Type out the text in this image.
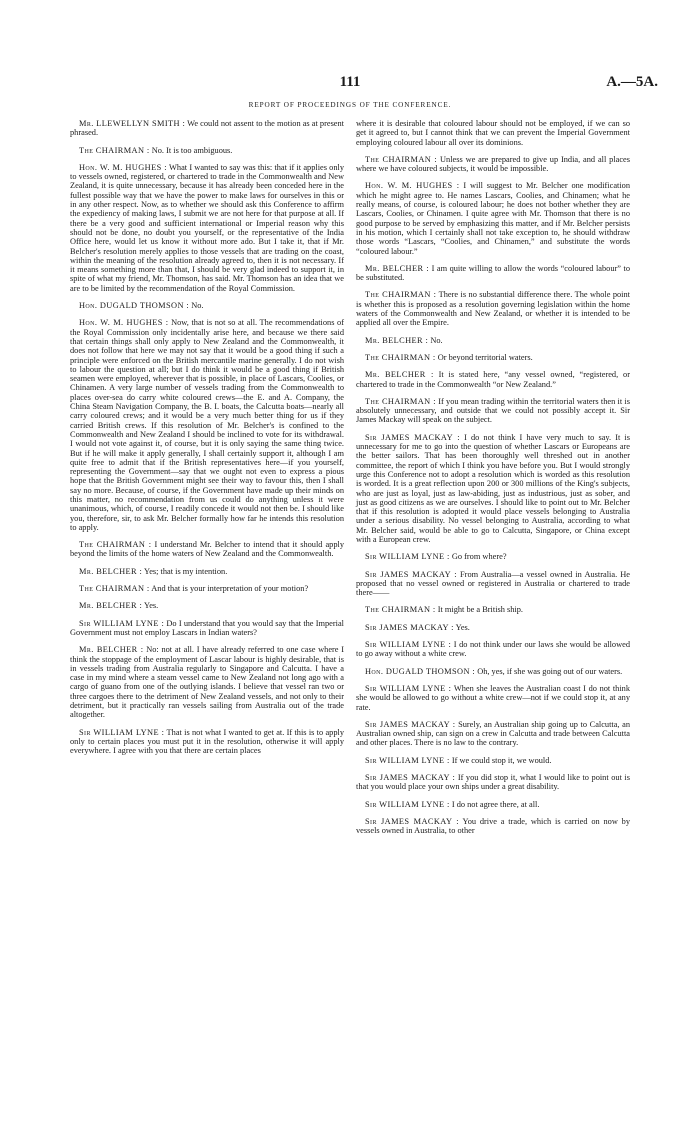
111	A.—5A.
REPORT OF PROCEEDINGS OF THE CONFERENCE.

Mr. LLEWELLYN SMITH : We could not assent to the motion as at present phrased.

The CHAIRMAN : No. It is too ambiguous.

Hon. W. M. HUGHES : What I wanted to say was this: that if it applies only to vessels owned, registered, or chartered to trade in the Commonwealth and New Zealand, it is quite unnecessary, because it has already been conceded here in the fullest possible way that we have the power to make laws for ourselves in this or in any other respect. Now, as to whether we should ask this Conference to affirm the expediency of making laws, I submit we are not here for that purpose at all. If there be a very good and sufficient international or Imperial reason why this should not be done, no doubt you yourself, or the representative of the India Office here, would let us know it without more ado. But I take it, that if Mr. Belcher's resolution merely applies to those vessels that are trading on the coast, within the meaning of the resolution already agreed to, then it is not necessary. If it means something more than that, I should be very glad indeed to support it, in spite of what my friend, Mr. Thomson, has said. Mr. Thomson has an idea that we are to be limited by the recommendation of the Royal Commission.

Hon. DUGALD THOMSON : No.

Hon. W. M. HUGHES : Now, that is not so at all. The recommendations of the Royal Commission only incidentally arise here, and because we there said that certain things shall only apply to New Zealand and the Commonwealth, it does not follow that here we may not say that it would be a good thing if such a principle were enforced on the British mercantile marine generally. I do not wish to labour the question at all; but I do think it would be a good thing if British seamen were employed, wherever that is possible, in place of Lascars, Coolies, or Chinamen. A very large number of vessels trading from the Commonwealth to places over-sea do carry white coloured crews—the E. and A. Company, the China Steam Navigation Company, the B. I. boats, the Calcutta boats—nearly all carry coloured crews; and it would be a very much better thing for us if they carried British crews. If this resolution of Mr. Belcher's is confined to the Commonwealth and New Zealand I should be inclined to vote for its withdrawal. I would not vote against it, of course, but it is only saying the same thing twice. But if he will make it apply generally, I shall certainly support it, although I am quite free to admit that if the British representatives here—if you yourself, representing the Government—say that we ought not even to express a pious hope that the British Government might see their way to favour this, then I shall say no more. Because, of course, if the Government have made up their minds on this matter, no recommendation from us could do anything unless it were unanimous, which, of course, I readily concede it would not then be. I should like you, therefore, sir, to ask Mr. Belcher formally how far he intends this resolution to apply.

The CHAIRMAN : I understand Mr. Belcher to intend that it should apply beyond the limits of the home waters of New Zealand and the Commonwealth.

Mr. BELCHER : Yes; that is my intention.

The CHAIRMAN : And that is your interpretation of your motion?

Mr. BELCHER : Yes.

Sir WILLIAM LYNE : Do I understand that you would say that the Imperial Government must not employ Lascars in Indian waters?

Mr. BELCHER : No: not at all. I have already referred to one case where I think the stoppage of the employment of Lascar labour is highly desirable, that is in vessels trading from Australia regularly to Singapore and Calcutta. I have a case in my mind where a steam vessel came to New Zealand not long ago with a cargo of guano from one of the outlying islands. I believe that vessel ran two or three cargoes there to the detriment of New Zealand vessels, and not only to their detriment, but it practically ran vessels sailing from Australia out of the trade altogether.

Sir WILLIAM LYNE : That is not what I wanted to get at. If this is to apply only to certain places you must put it in the resolution, otherwise it will apply everywhere. I agree with you that there are certain places

where it is desirable that coloured labour should not be employed, if we can so get it agreed to, but I cannot think that we can prevent the Imperial Government employing coloured labour all over its dominions.

The CHAIRMAN : Unless we are prepared to give up India, and all places where we have coloured subjects, it would be impossible.

Hon. W. M. HUGHES : I will suggest to Mr. Belcher one modification which he might agree to. He names Lascars, Coolies, and Chinamen; what he really means, of course, is coloured labour; he does not bother whether they are Lascars, Coolies, or Chinamen. I quite agree with Mr. Thomson that there is no good purpose to be served by emphasizing this matter, and if Mr. Belcher persists in his motion, which I certainly shall not take exception to, he should withdraw those words “Lascars, “Coolies, and Chinamen,” and substitute the words “coloured labour.”

Mr. BELCHER : I am quite willing to allow the words “coloured labour” to be substituted.

The CHAIRMAN : There is no substantial difference there. The whole point is whether this is proposed as a resolution governing legislation within the home waters of the Commonwealth and New Zealand, or whether it is intended to be applied all over the Empire.

Mr. BELCHER : No.

The CHAIRMAN : Or beyond territorial waters.

Mr. BELCHER : It is stated here, “any vessel owned, “registered, or chartered to trade in the Commonwealth “or New Zealand.”

The CHAIRMAN : If you mean trading within the territorial waters then it is absolutely unnecessary, and outside that we could not possibly accept it. Sir James Mackay will speak on the subject.

Sir JAMES MACKAY : I do not think I have very much to say. It is unnecessary for me to go into the question of whether Lascars or Europeans are the better sailors. That has been thoroughly well threshed out in another committee, the report of which I think you have before you. But I would strongly urge this Conference not to adopt a resolution which is worded as this resolution is worded. It is a great reflection upon 200 or 300 millions of the King's subjects, who are just as loyal, just as law-abiding, just as industrious, just as sober, and just as good citizens as we are ourselves. I should like to point out to Mr. Belcher that if this resolution is adopted it would place vessels belonging to Australia under a serious disability. No vessel belonging to Australia, according to what Mr. Belcher said, would be able to go to Calcutta, Singapore, or China except with a European crew.

Sir WILLIAM LYNE : Go from where?

Sir JAMES MACKAY : From Australia—a vessel owned in Australia. He proposed that no vessel owned or registered in Australia or chartered to trade there——

The CHAIRMAN : It might be a British ship.

Sir JAMES MACKAY : Yes.

Sir WILLIAM LYNE : I do not think under our laws she would be allowed to go away without a white crew.

Hon. DUGALD THOMSON : Oh, yes, if she was going out of our waters.

Sir WILLIAM LYNE : When she leaves the Australian coast I do not think she would be allowed to go without a white crew—not if we could stop it, at any rate.

Sir JAMES MACKAY : Surely, an Australian ship going up to Calcutta, an Australian owned ship, can sign on a crew in Calcutta and trade between Calcutta and other places. There is no law to the contrary.

Sir WILLIAM LYNE : If we could stop it, we would.

Sir JAMES MACKAY : If you did stop it, what I would like to point out is that you would place your own ships under a great disability.

Sir WILLIAM LYNE : I do not agree there, at all.

Sir JAMES MACKAY : You drive a trade, which is carried on now by vessels owned in Australia, to other
